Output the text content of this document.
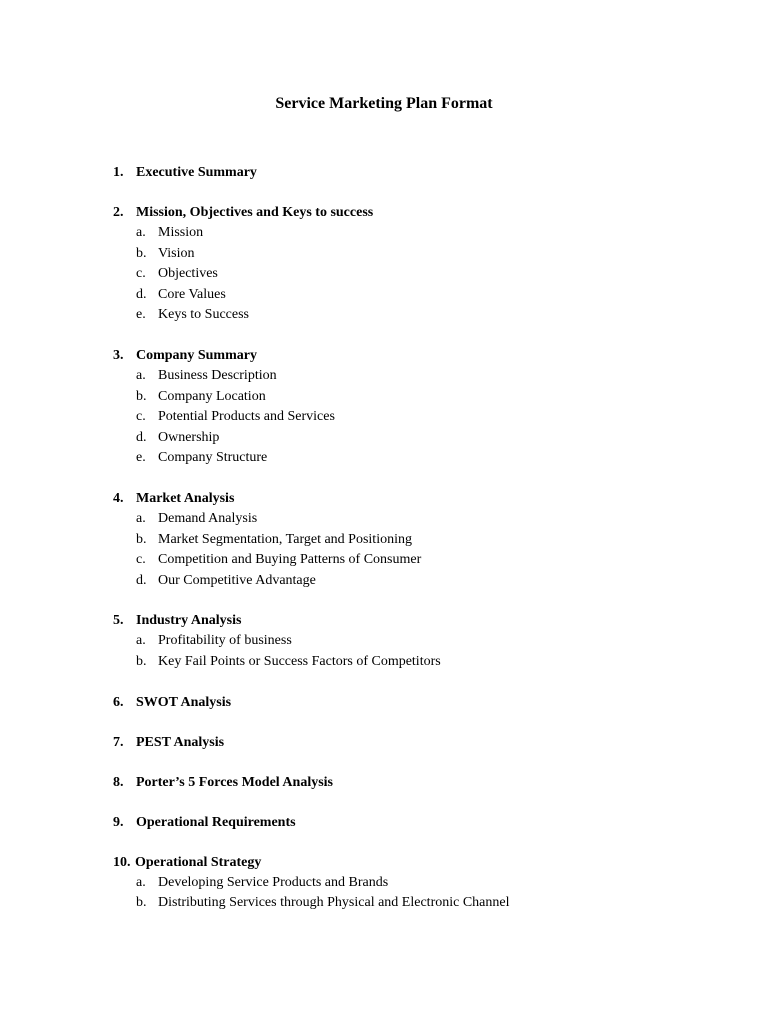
Service Marketing Plan Format
1. Executive Summary
2. Mission, Objectives and Keys to success
a. Mission
b. Vision
c. Objectives
d. Core Values
e. Keys to Success
3. Company Summary
a. Business Description
b. Company Location
c. Potential Products and Services
d. Ownership
e. Company Structure
4. Market Analysis
a. Demand Analysis
b. Market Segmentation, Target and Positioning
c. Competition and Buying Patterns of Consumer
d. Our Competitive Advantage
5. Industry Analysis
a. Profitability of business
b. Key Fail Points or Success Factors of Competitors
6. SWOT Analysis
7. PEST Analysis
8. Porter’s 5 Forces Model Analysis
9. Operational Requirements
10. Operational Strategy
a. Developing Service Products and Brands
b. Distributing Services through Physical and Electronic Channel
